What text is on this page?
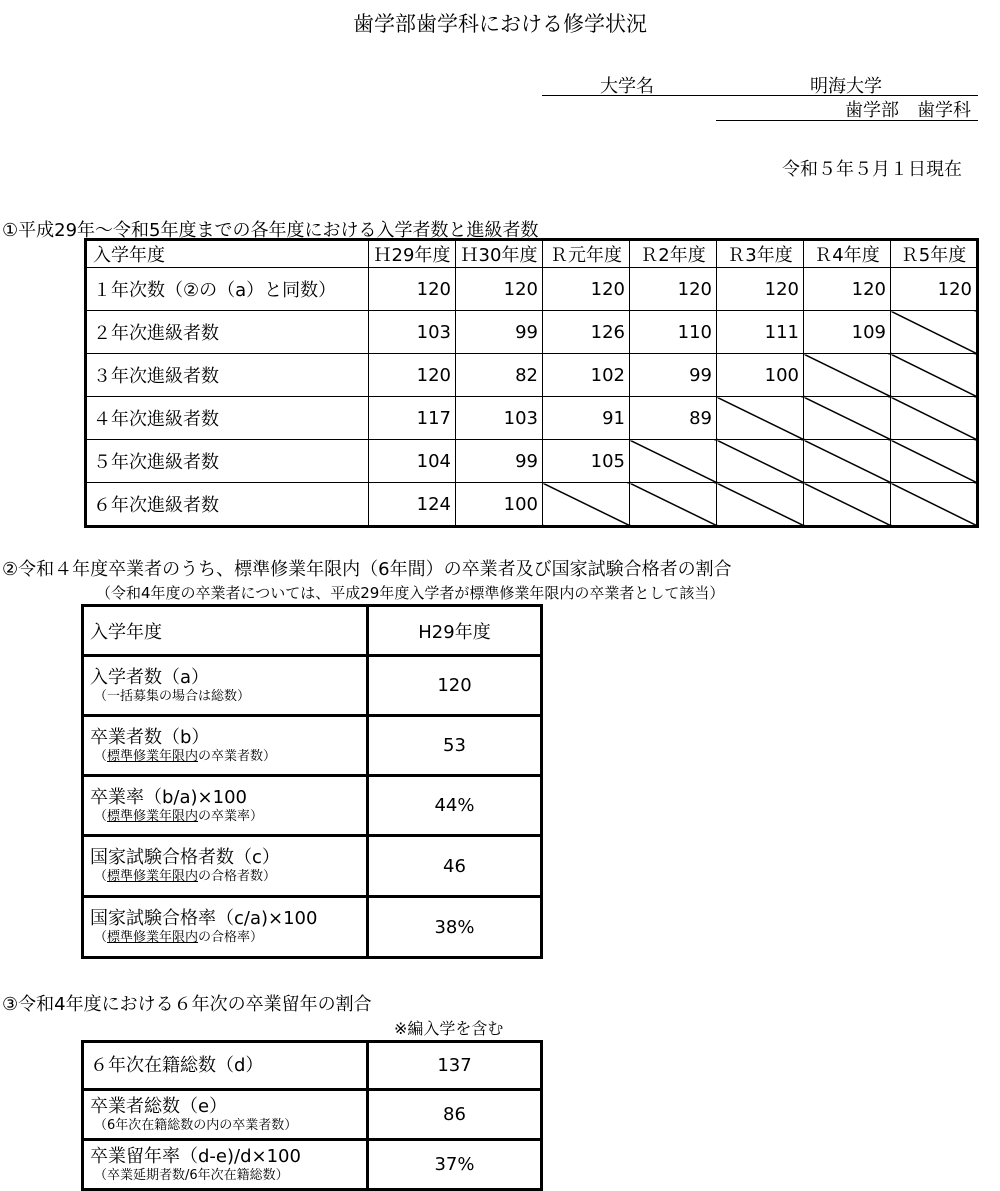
歯学部歯学科における修学状況
大学名	明海大学
歯学部　歯学科
令和５年５月１日現在
①平成29年～令和5年度までの各年度における入学者数と進級者数
入学年度	Ｈ29年度	Ｈ30年度	Ｒ元年度	Ｒ2年度	Ｒ3年度	Ｒ4年度	Ｒ5年度
１年次数（②の（a）と同数）	120	120	120	120	120	120	120
２年次進級者数	103	99	126	110	111	109	
３年次進級者数	120	82	102	99	100		
４年次進級者数	117	103	91	89			
５年次進級者数	104	99	105				
６年次進級者数	124	100					
②令和４年度卒業者のうち、標準修業年限内（6年間）の卒業者及び国家試験合格者の割合
（令和4年度の卒業者については、平成29年度入学者が標準修業年限内の卒業者として該当）
入学年度	H29年度

入学者数（a）
（一括募集の場合は総数）	120

卒業者数（b）
（標準修業年限内の卒業者数）	53

卒業率（b/a)×100
（標準修業年限内の卒業率）	44%

国家試験合格者数（c）
（標準修業年限内の合格者数）	46

国家試験合格率（c/a)×100
（標準修業年限内の合格率）	38%
③令和4年度における６年次の卒業留年の割合
※編入学を含む
６年次在籍総数（d）	137

卒業者総数（e）
（6年次在籍総数の内の卒業者数）	86

卒業留年率（d-e)/d×100
（卒業延期者数/6年次在籍総数）	37%
